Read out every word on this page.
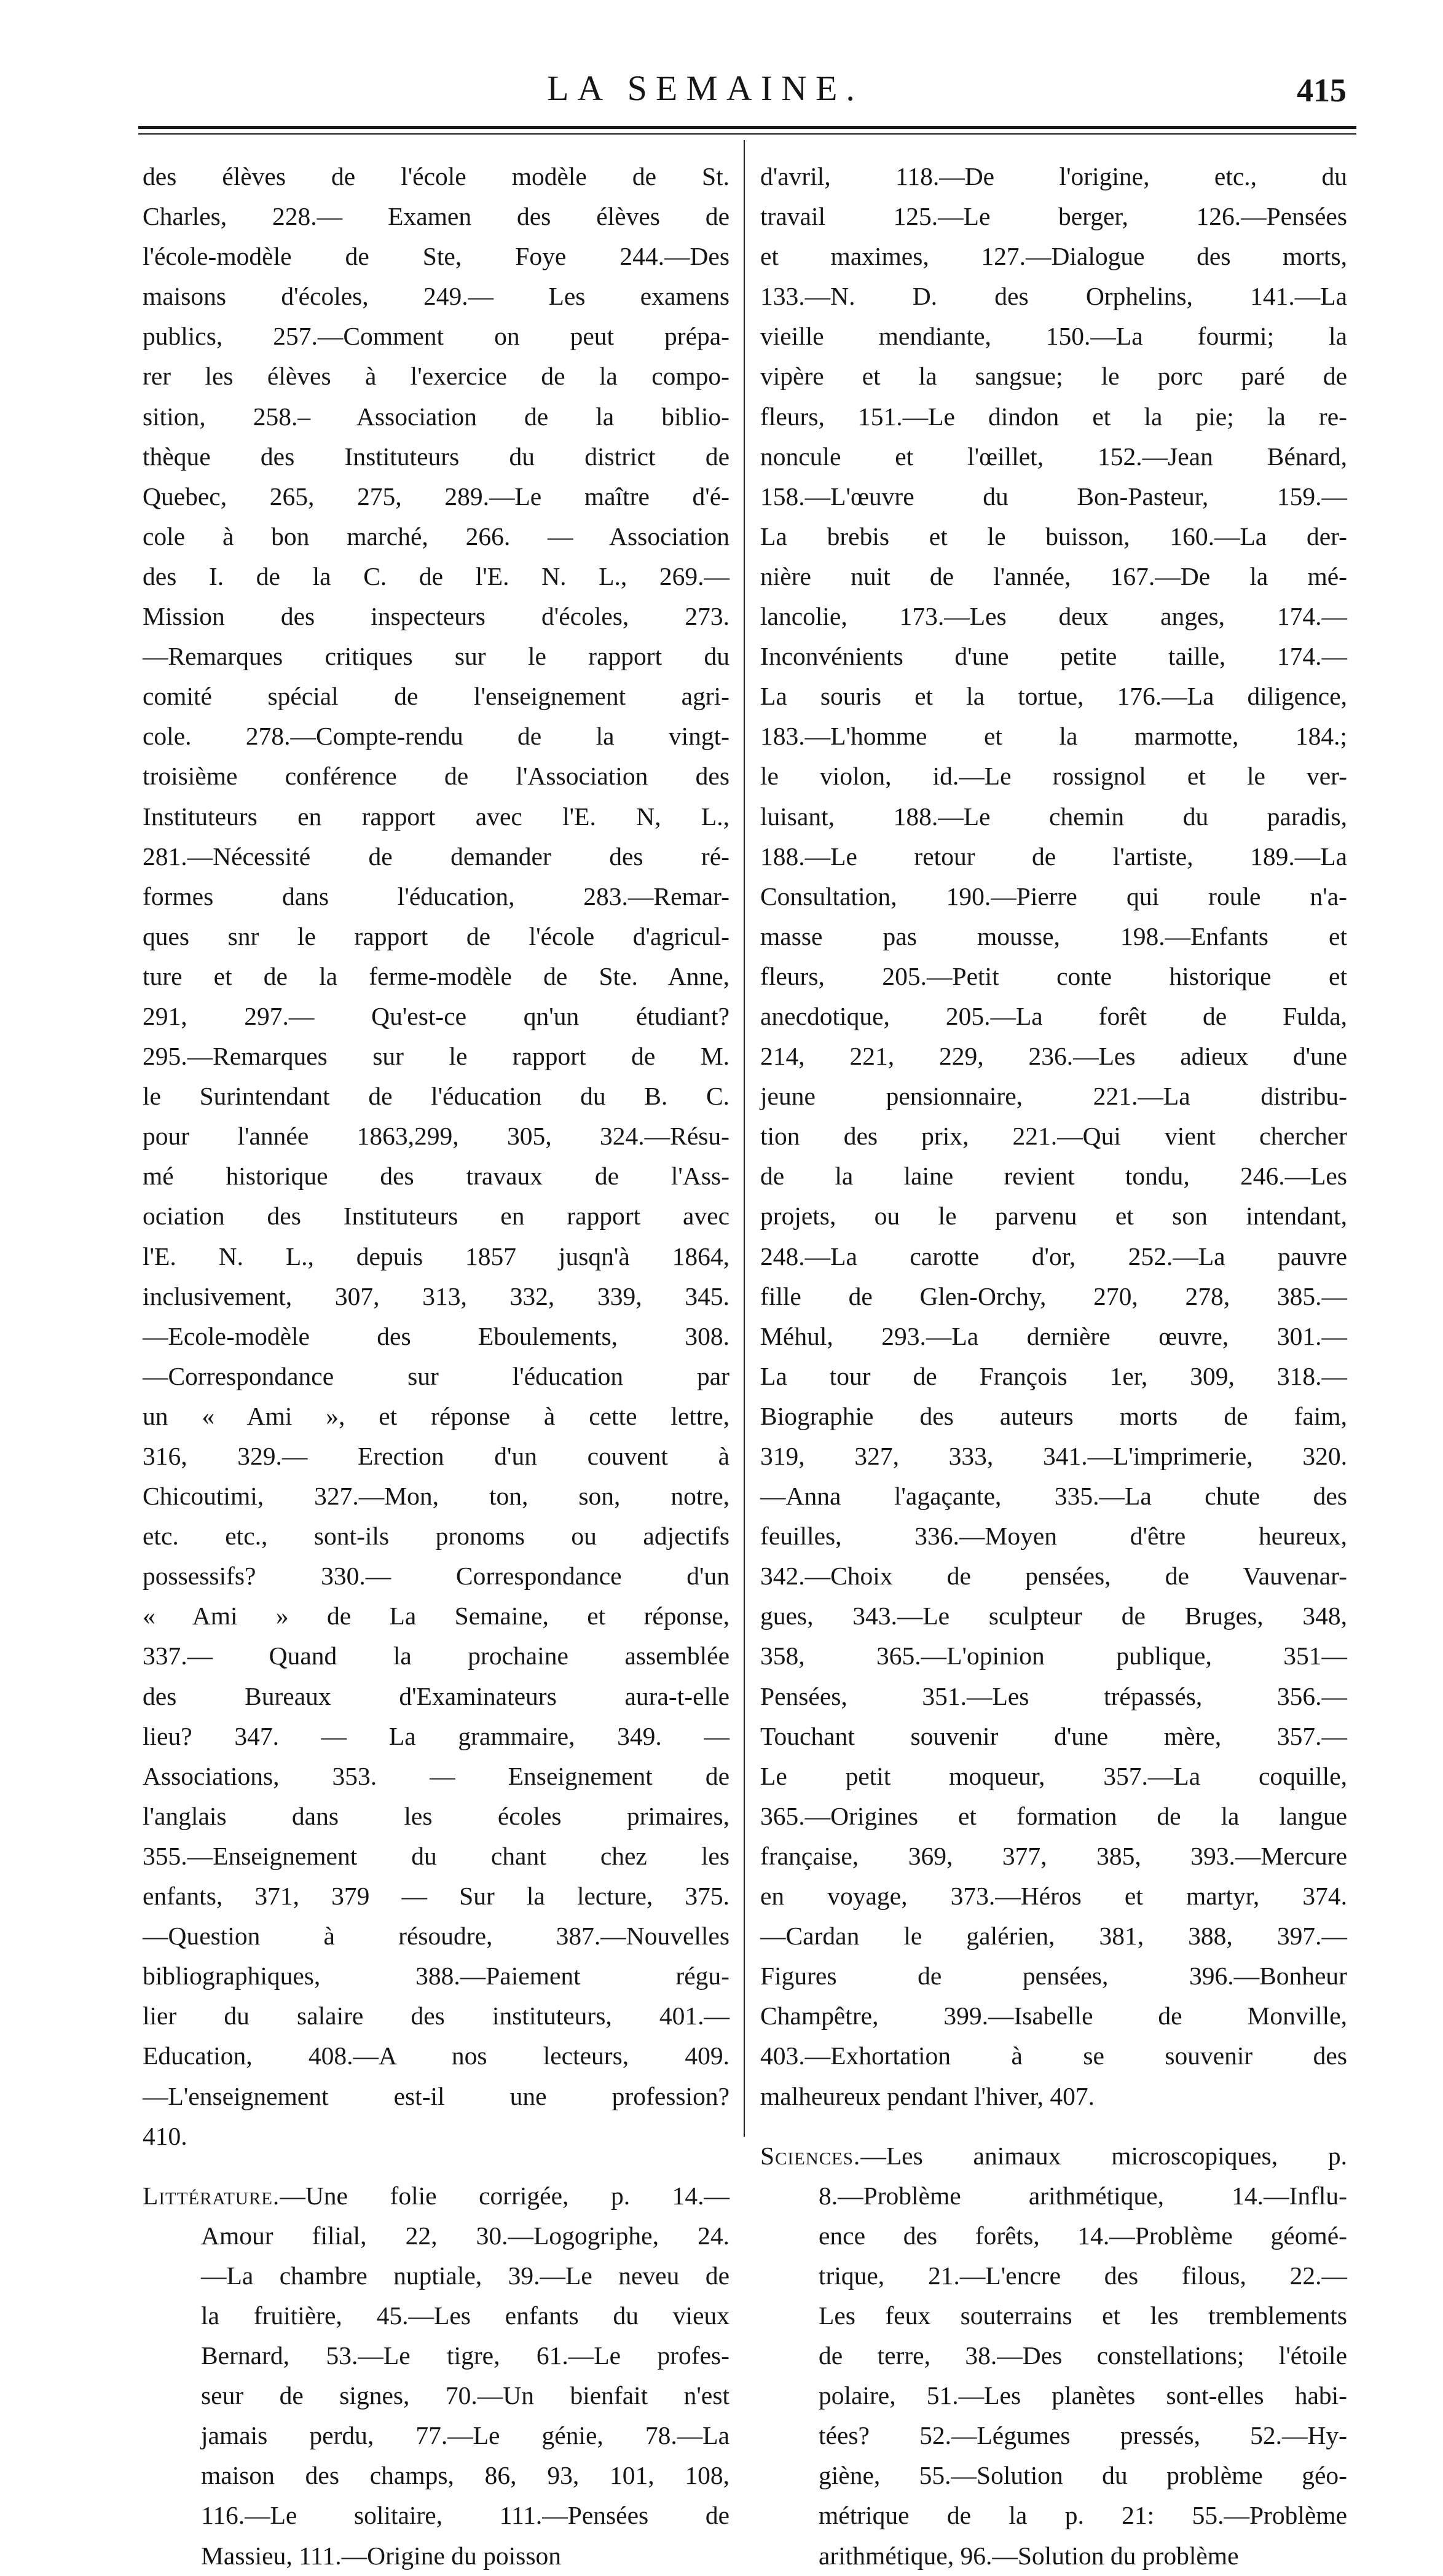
LA SEMAINE.	415
des élèves de l'école modèle de St.
Charles, 228.— Examen des élèves de
l'école-modèle de Ste, Foye 244.—Des
maisons d'écoles, 249.— Les examens
publics, 257.—Comment on peut prépa-
rer les élèves à l'exercice de la compo-
sition, 258.– Association de la biblio-
thèque des Instituteurs du district de
Quebec, 265, 275, 289.—Le maître d'é-
cole à bon marché, 266. — Association
des I. de la C. de l'E. N. L., 269.—
Mission des inspecteurs d'écoles, 273.
—Remarques critiques sur le rapport du
comité spécial de l'enseignement agri-
cole. 278.—Compte-rendu de la vingt-
troisième conférence de l'Association des
Instituteurs en rapport avec l'E. N, L.,
281.—Nécessité de demander des ré-
formes dans l'éducation, 283.—Remar-
ques snr le rapport de l'école d'agricul-
ture et de la ferme-modèle de Ste. Anne,
291, 297.— Qu'est-ce qn'un étudiant?
295.—Remarques sur le rapport de M.
le Surintendant de l'éducation du B. C.
pour l'année 1863,299, 305, 324.—Résu-
mé historique des travaux de l'Ass-
ociation des Instituteurs en rapport avec
l'E. N. L., depuis 1857 jusqn'à 1864,
inclusivement, 307, 313, 332, 339, 345.
—Ecole-modèle des Eboulements, 308.
—Correspondance sur l'éducation par
un « Ami », et réponse à cette lettre,
316, 329.— Erection d'un couvent à
Chicoutimi, 327.—Mon, ton, son, notre,
etc. etc., sont-ils pronoms ou adjectifs
possessifs? 330.— Correspondance d'un
« Ami » de La Semaine, et réponse,
337.— Quand la prochaine assemblée
des Bureaux d'Examinateurs aura-t-elle
lieu? 347. — La grammaire, 349. —
Associations, 353. — Enseignement de
l'anglais dans les écoles primaires,
355.—Enseignement du chant chez les
enfants, 371, 379 — Sur la lecture, 375.
—Question à résoudre, 387.—Nouvelles
bibliographiques, 388.—Paiement régu-
lier du salaire des instituteurs, 401.—
Education, 408.—A nos lecteurs, 409.
—L'enseignement est-il une profession?
410.
Littérature.—Une folie corrigée, p. 14.—
Amour filial, 22, 30.—Logogriphe, 24.
—La chambre nuptiale, 39.—Le neveu de
la fruitière, 45.—Les enfants du vieux
Bernard, 53.—Le tigre, 61.—Le profes-
seur de signes, 70.—Un bienfait n'est
jamais perdu, 77.—Le génie, 78.—La
maison des champs, 86, 93, 101, 108,
116.—Le solitaire, 111.—Pensées de
Massieu, 111.—Origine du poisson
d'avril, 118.—De l'origine, etc., du
travail 125.—Le berger, 126.—Pensées
et maximes, 127.—Dialogue des morts,
133.—N. D. des Orphelins, 141.—La
vieille mendiante, 150.—La fourmi; la
vipère et la sangsue; le porc paré de
fleurs, 151.—Le dindon et la pie; la re-
noncule et l'œillet, 152.—Jean Bénard,
158.—L'œuvre du Bon-Pasteur, 159.—
La brebis et le buisson, 160.—La der-
nière nuit de l'année, 167.—De la mé-
lancolie, 173.—Les deux anges, 174.—
Inconvénients d'une petite taille, 174.—
La souris et la tortue, 176.—La diligence,
183.—L'homme et la marmotte, 184.;
le violon, id.—Le rossignol et le ver-
luisant, 188.—Le chemin du paradis,
188.—Le retour de l'artiste, 189.—La
Consultation, 190.—Pierre qui roule n'a-
masse pas mousse, 198.—Enfants et
fleurs, 205.—Petit conte historique et
anecdotique, 205.—La forêt de Fulda,
214, 221, 229, 236.—Les adieux d'une
jeune pensionnaire, 221.—La distribu-
tion des prix, 221.—Qui vient chercher
de la laine revient tondu, 246.—Les
projets, ou le parvenu et son intendant,
248.—La carotte d'or, 252.—La pauvre
fille de Glen-Orchy, 270, 278, 385.—
Méhul, 293.—La dernière œuvre, 301.—
La tour de François 1er, 309, 318.—
Biographie des auteurs morts de faim,
319, 327, 333, 341.—L'imprimerie, 320.
—Anna l'agaçante, 335.—La chute des
feuilles, 336.—Moyen d'être heureux,
342.—Choix de pensées, de Vauvenar-
gues, 343.—Le sculpteur de Bruges, 348,
358, 365.—L'opinion publique, 351—
Pensées, 351.—Les trépassés, 356.—
Touchant souvenir d'une mère, 357.—
Le petit moqueur, 357.—La coquille,
365.—Origines et formation de la langue
française, 369, 377, 385, 393.—Mercure
en voyage, 373.—Héros et martyr, 374.
—Cardan le galérien, 381, 388, 397.—
Figures de pensées, 396.—Bonheur
Champêtre, 399.—Isabelle de Monville,
403.—Exhortation à se souvenir des
malheureux pendant l'hiver, 407.
Sciences.—Les animaux microscopiques, p.
8.—Problème arithmétique, 14.—Influ-
ence des forêts, 14.—Problème géomé-
trique, 21.—L'encre des filous, 22.—
Les feux souterrains et les tremblements
de terre, 38.—Des constellations; l'étoile
polaire, 51.—Les planètes sont-elles habi-
tées? 52.—Légumes pressés, 52.—Hy-
giène, 55.—Solution du problème géo-
métrique de la p. 21: 55.—Problème
arithmétique, 96.—Solution du problème
